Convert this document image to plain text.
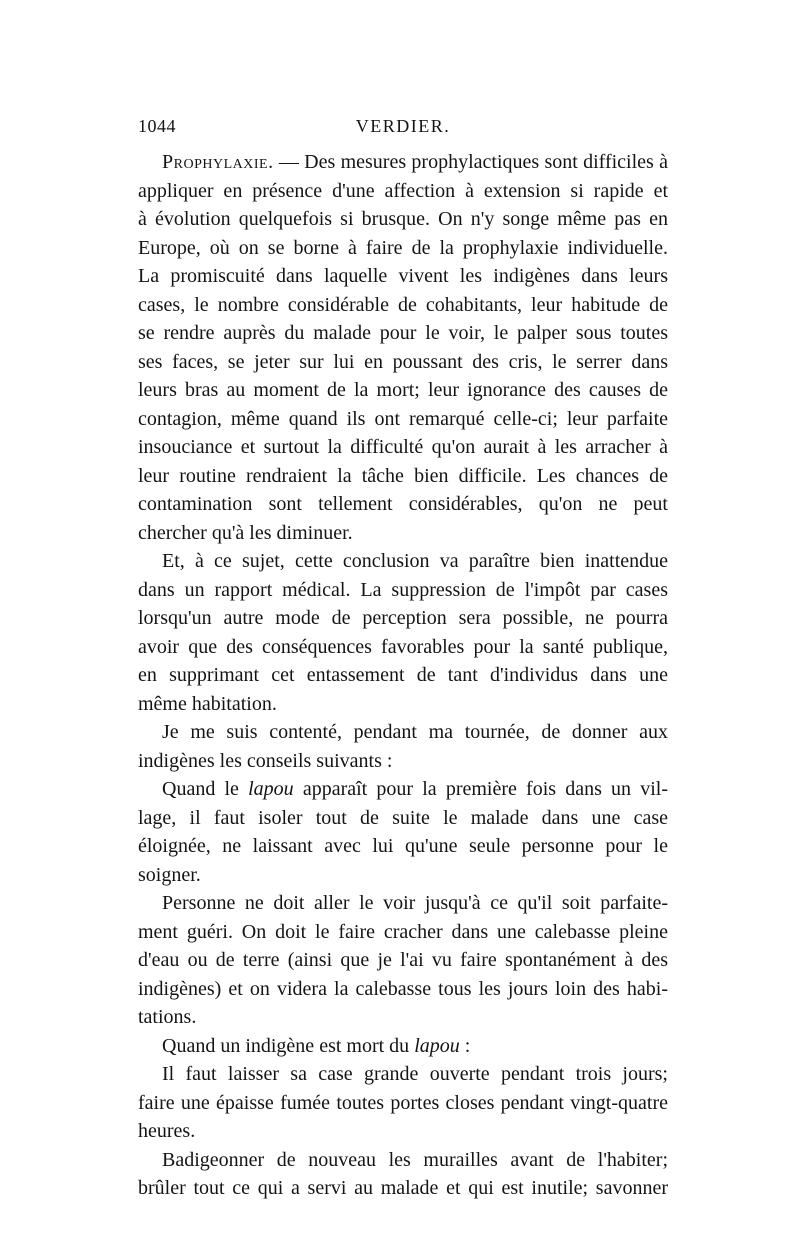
1044	VERDIER.
Prophylaxie. — Des mesures prophylactiques sont difficiles à
appliquer en présence d'une affection à extension si rapide et
à évolution quelquefois si brusque. On n'y songe même pas en
Europe, où on se borne à faire de la prophylaxie individuelle.
La promiscuité dans laquelle vivent les indigènes dans leurs
cases, le nombre considérable de cohabitants, leur habitude de
se rendre auprès du malade pour le voir, le palper sous toutes
ses faces, se jeter sur lui en poussant des cris, le serrer dans
leurs bras au moment de la mort; leur ignorance des causes de
contagion, même quand ils ont remarqué celle-ci; leur parfaite
insouciance et surtout la difficulté qu'on aurait à les arracher à
leur routine rendraient la tâche bien difficile. Les chances de
contamination sont tellement considérables, qu'on ne peut
chercher qu'à les diminuer.
Et, à ce sujet, cette conclusion va paraître bien inattendue
dans un rapport médical. La suppression de l'impôt par cases
lorsqu'un autre mode de perception sera possible, ne pourra
avoir que des conséquences favorables pour la santé publique,
en supprimant cet entassement de tant d'individus dans une
même habitation.
Je me suis contenté, pendant ma tournée, de donner aux
indigènes les conseils suivants :
Quand le lapou apparaît pour la première fois dans un vil-
lage, il faut isoler tout de suite le malade dans une case
éloignée, ne laissant avec lui qu'une seule personne pour le
soigner.
Personne ne doit aller le voir jusqu'à ce qu'il soit parfaite-
ment guéri. On doit le faire cracher dans une calebasse pleine
d'eau ou de terre (ainsi que je l'ai vu faire spontanément à des
indigènes) et on videra la calebasse tous les jours loin des habi-
tations.
Quand un indigène est mort du lapou :
Il faut laisser sa case grande ouverte pendant trois jours;
faire une épaisse fumée toutes portes closes pendant vingt-quatre
heures.
Badigeonner de nouveau les murailles avant de l'habiter;
brûler tout ce qui a servi au malade et qui est inutile; savonner
